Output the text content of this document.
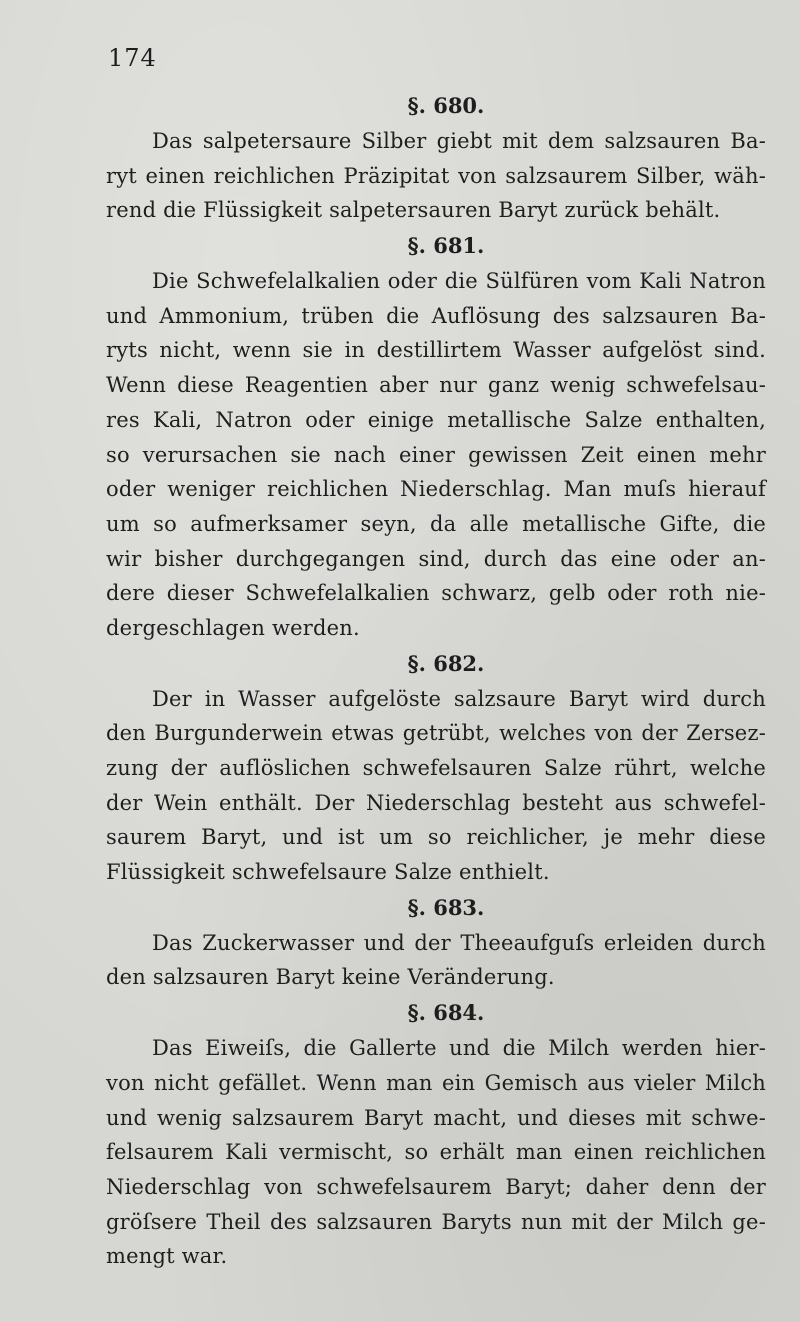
174
§. 680.
Das salpetersaure Silber giebt mit dem salzsauren Ba-
ryt einen reichlichen Präzipitat von salzsaurem Silber, wäh-
rend die Flüssigkeit salpetersauren Baryt zurück behält.
§. 681.
Die Schwefelalkalien oder die Sülfüren vom Kali Natron
und Ammonium, trüben die Auflösung des salzsauren Ba-
ryts nicht, wenn sie in destillirtem Wasser aufgelöst sind.
Wenn diese Reagentien aber nur ganz wenig schwefelsau-
res Kali, Natron oder einige metallische Salze enthalten,
so verursachen sie nach einer gewissen Zeit einen mehr
oder weniger reichlichen Niederschlag. Man muſs hierauf
um so aufmerksamer seyn, da alle metallische Gifte, die
wir bisher durchgegangen sind, durch das eine oder an-
dere dieser Schwefelalkalien schwarz, gelb oder roth nie-
dergeschlagen werden.
§. 682.
Der in Wasser aufgelöste salzsaure Baryt wird durch
den Burgunderwein etwas getrübt, welches von der Zersez-
zung der auflöslichen schwefelsauren Salze rührt, welche
der Wein enthält. Der Niederschlag besteht aus schwefel-
saurem Baryt, und ist um so reichlicher, je mehr diese
Flüssigkeit schwefelsaure Salze enthielt.
§. 683.
Das Zuckerwasser und der Theeaufguſs erleiden durch
den salzsauren Baryt keine Veränderung.
§. 684.
Das Eiweiſs, die Gallerte und die Milch werden hier-
von nicht gefället. Wenn man ein Gemisch aus vieler Milch
und wenig salzsaurem Baryt macht, und dieses mit schwe-
felsaurem Kali vermischt, so erhält man einen reichlichen
Niederschlag von schwefelsaurem Baryt; daher denn der
gröſsere Theil des salzsauren Baryts nun mit der Milch ge-
mengt war.
